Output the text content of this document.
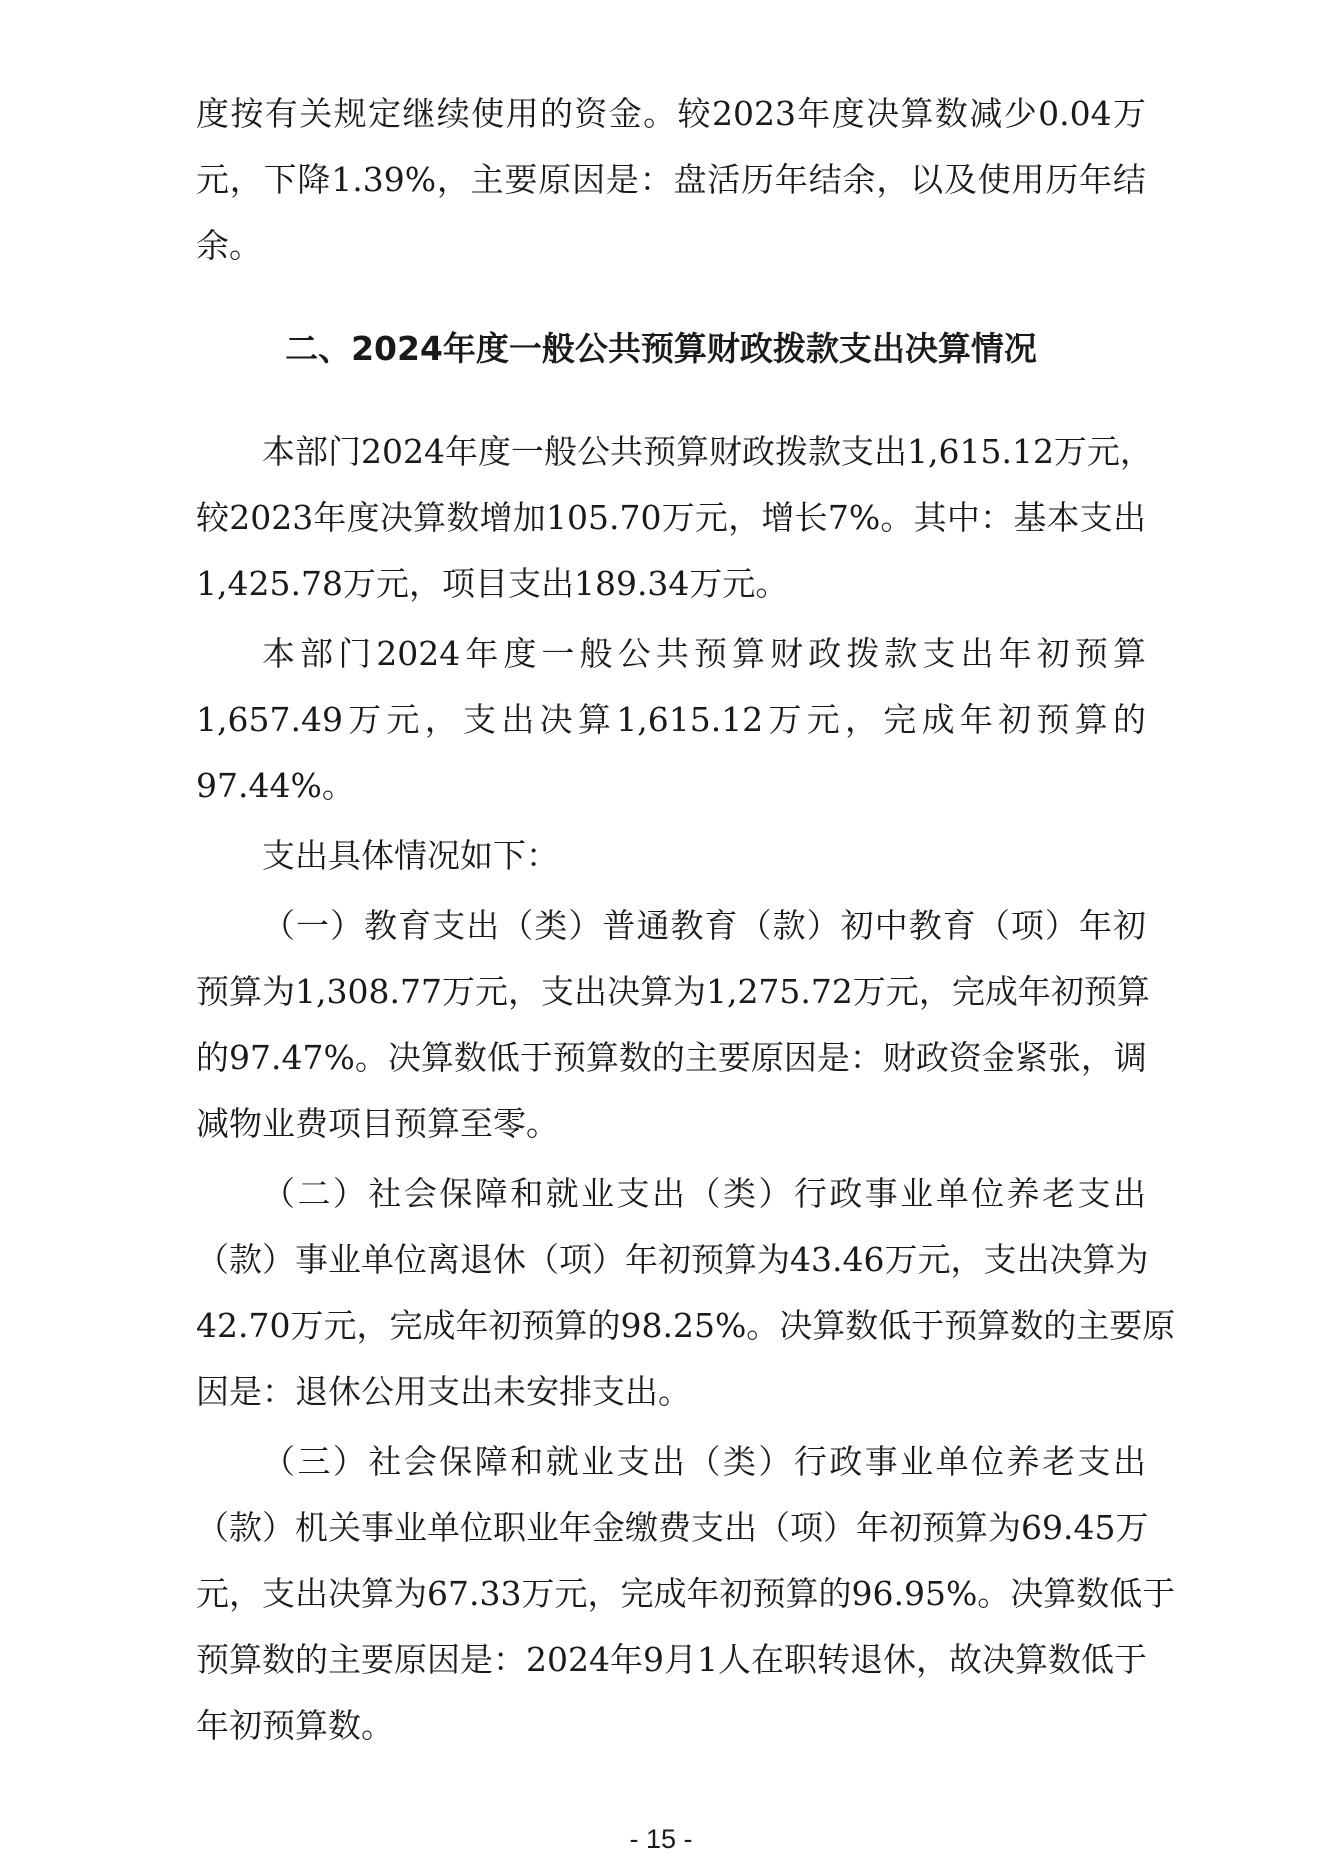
度按有关规定继续使用的资金。较2023年度决算数减少0.04万

元，下降1.39%，主要原因是：盘活历年结余，以及使用历年结

余。

二、2024年度一般公共预算财政拨款支出决算情况

本部门2024年度一般公共预算财政拨款支出1,615.12万元，

较2023年度决算数增加105.70万元，增长7%。其中：基本支出

1,425.78万元，项目支出189.34万元。

本部门2024年度一般公共预算财政拨款支出年初预算

1,657.49万元，支出决算1,615.12万元，完成年初预算的

97.44%。

支出具体情况如下：

（一）教育支出（类）普通教育（款）初中教育（项）年初

预算为1,308.77万元，支出决算为1,275.72万元，完成年初预算

的97.47%。决算数低于预算数的主要原因是：财政资金紧张，调

减物业费项目预算至零。

（二）社会保障和就业支出（类）行政事业单位养老支出

（款）事业单位离退休（项）年初预算为43.46万元，支出决算为

42.70万元，完成年初预算的98.25%。决算数低于预算数的主要原

因是：退休公用支出未安排支出。

（三）社会保障和就业支出（类）行政事业单位养老支出

（款）机关事业单位职业年金缴费支出（项）年初预算为69.45万

元，支出决算为67.33万元，完成年初预算的96.95%。决算数低于

预算数的主要原因是：2024年9月1人在职转退休，故决算数低于

年初预算数。

- 15 -
